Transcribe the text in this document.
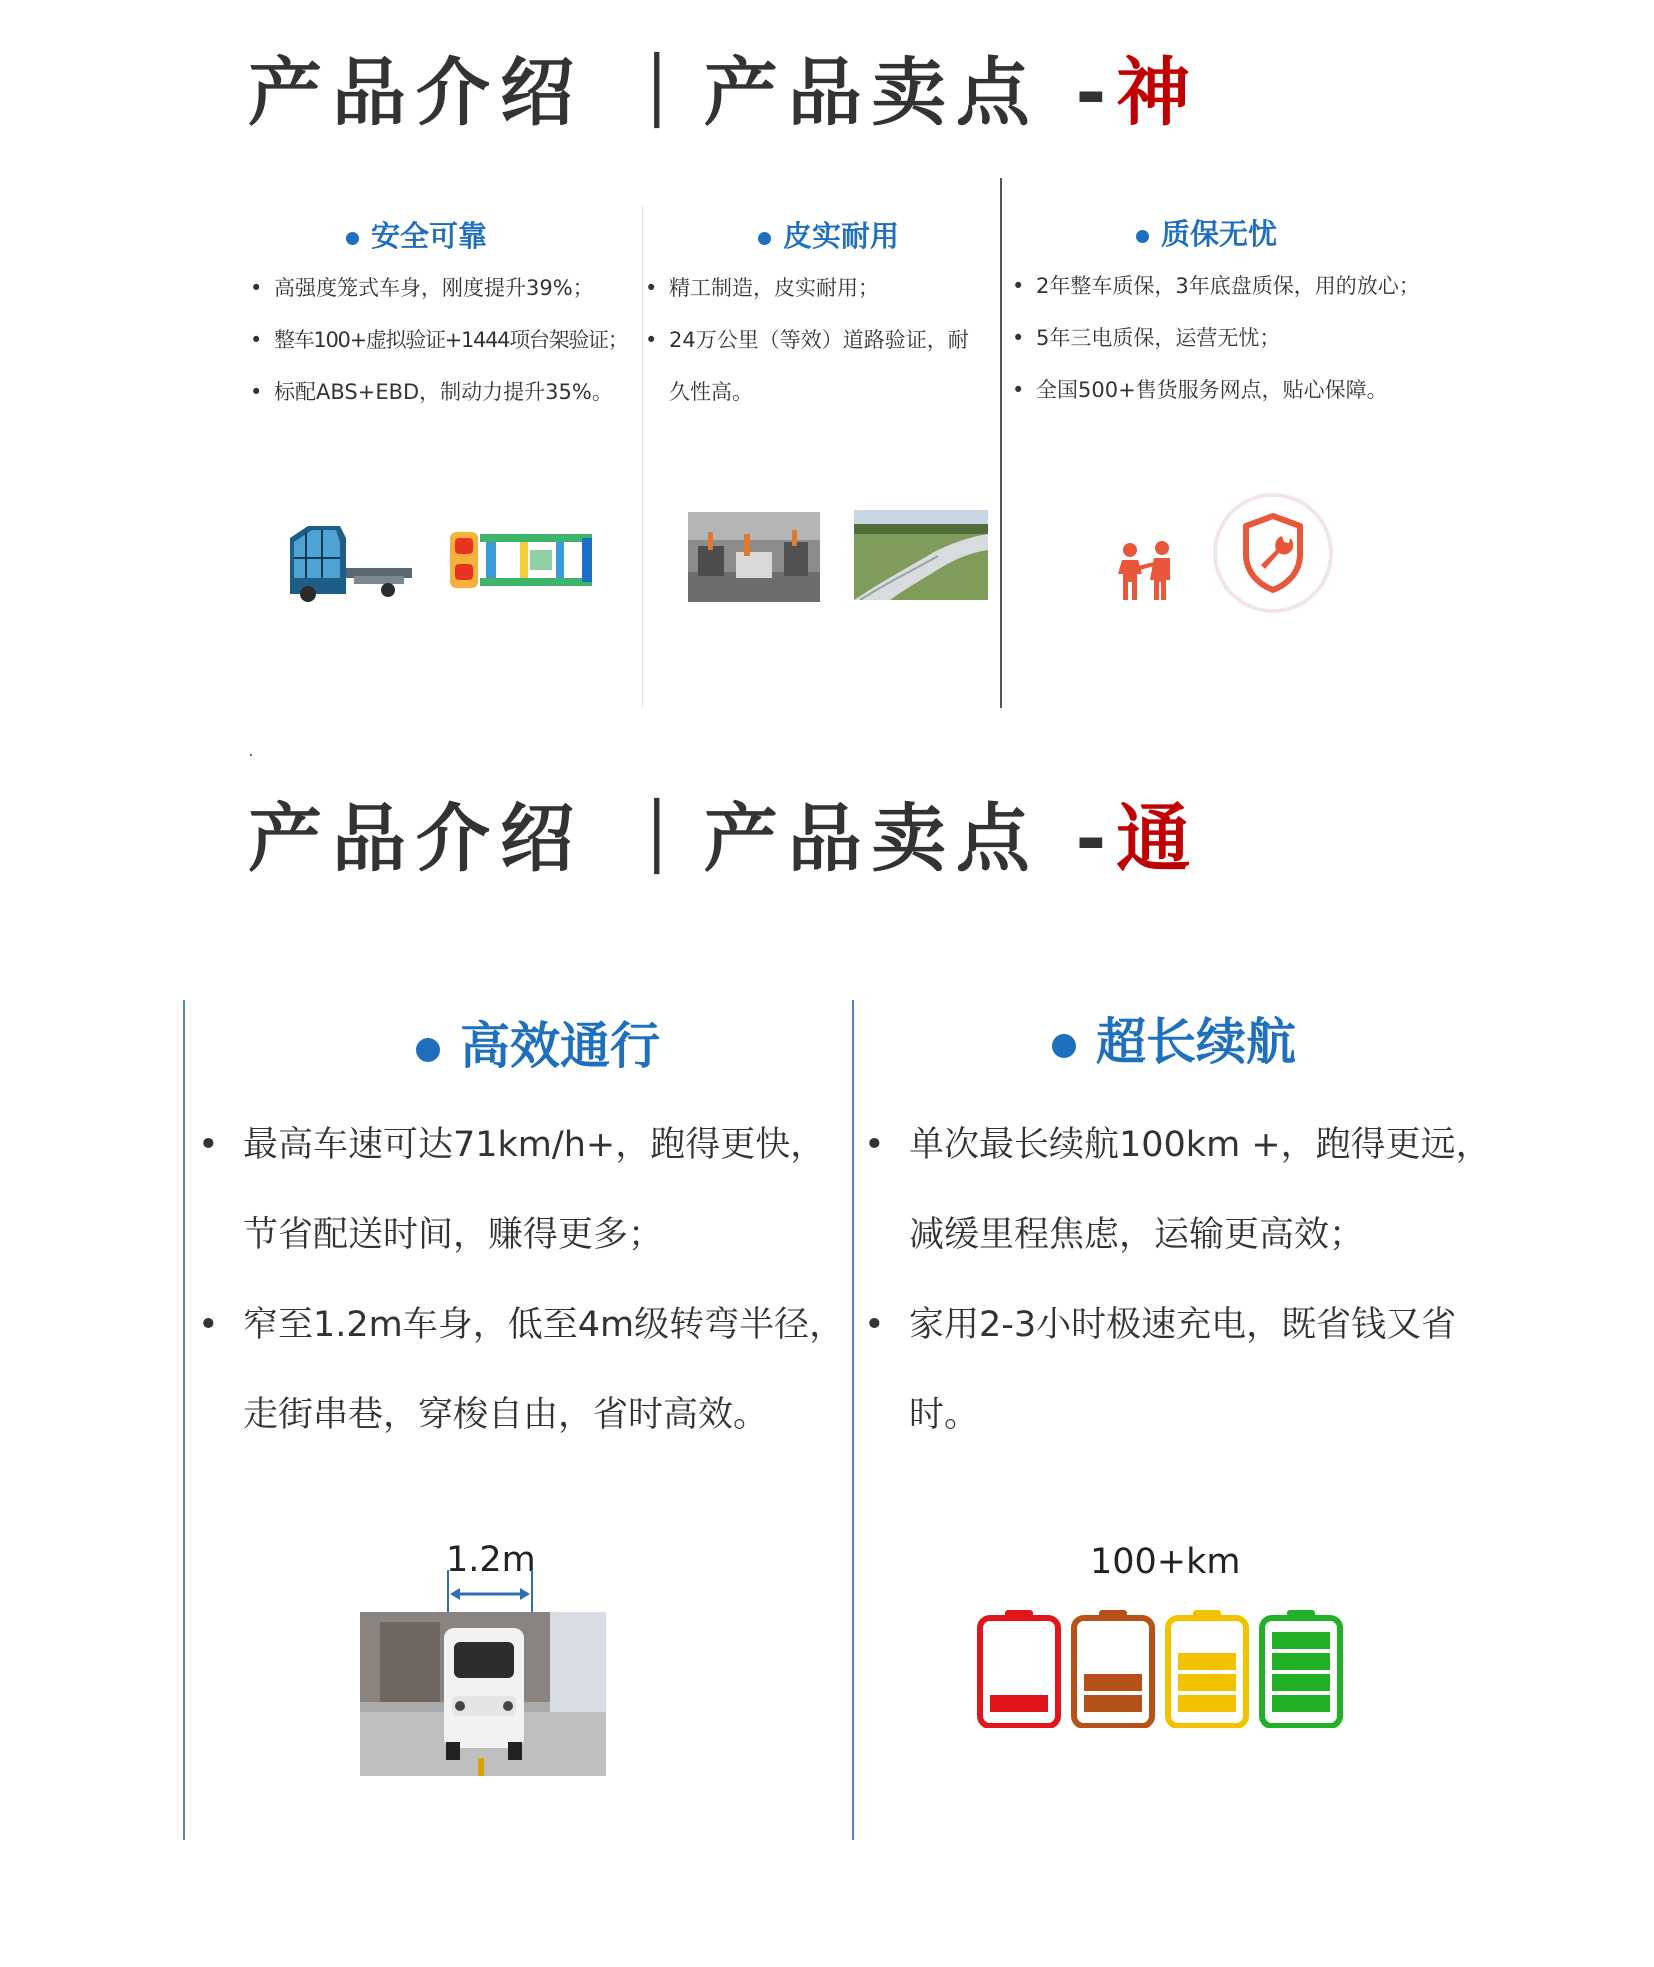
产品介绍 ｜产品卖点 -神
安全可靠
• 高强度笼式车身，刚度提升39%；
• 整车100+虚拟验证+1444项台架验证；
• 标配ABS+EBD，制动力提升35%。
皮实耐用
• 精工制造，皮实耐用；
• 24万公里（等效）道路验证，耐久性高。
质保无忧
• 2年整车质保，3年底盘质保，用的放心；
• 5年三电质保，运营无忧；
• 全国500+售货服务网点，贴心保障。
.
产品介绍 ｜产品卖点 -通
高效通行
• 最高车速可达71km/h+，跑得更快，节省配送时间，赚得更多；
• 窄至1.2m车身，低至4m级转弯半径，走街串巷，穿梭自由，省时高效。
1.2m
超长续航
• 单次最长续航100km +，跑得更远，减缓里程焦虑，运输更高效；
• 家用2-3小时极速充电，既省钱又省时。
100+km
